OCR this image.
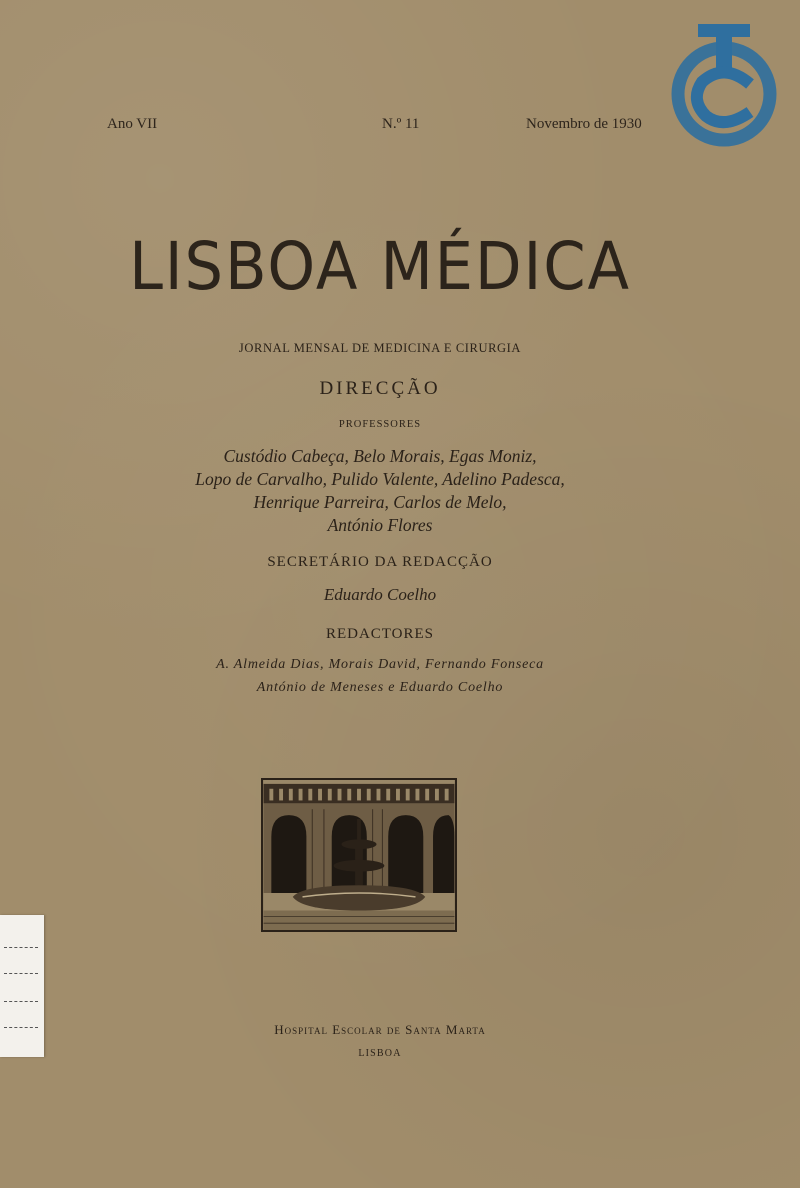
Ano VII	N.º 11	Novembro de 1930
LISBOA MÉDICA
JORNAL MENSAL DE MEDICINA E CIRURGIA
DIRECÇÃO
PROFESSORES
Custódio Cabeça, Belo Morais, Egas Moniz,
Lopo de Carvalho, Pulido Valente, Adelino Padesca,
Henrique Parreira, Carlos de Melo,
António Flores
SECRETÁRIO DA REDACÇÃO
Eduardo Coelho
REDACTORES
A. Almeida Dias, Morais David, Fernando Fonseca
António de Meneses e Eduardo Coelho
Hospital Escolar de Santa Marta
LISBOA
